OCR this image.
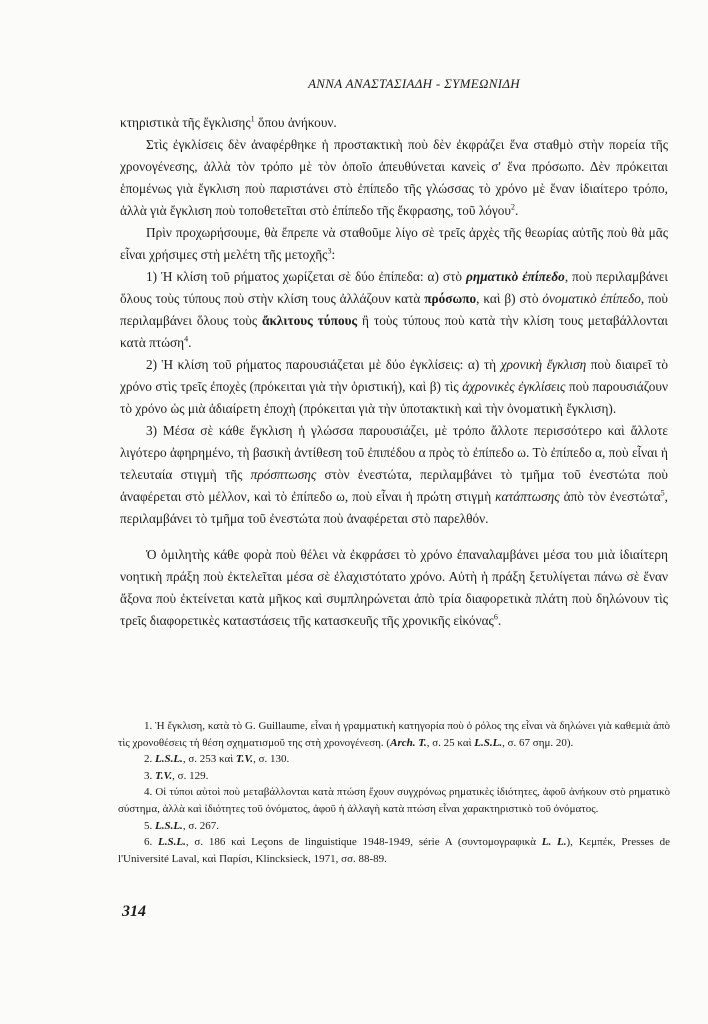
ΑΝΝΑ ΑΝΑΣΤΑΣΙΑΔΗ - ΣΥΜΕΩΝΙΔΗ

κτηριστικὰ τῆς ἔγκλισης$^1$ ὅπου ἀνήκουν.

Στὶς ἐγκλίσεις δὲν ἀναφέρθηκε ἡ προστακτικὴ ποὺ δὲν ἐκφράζει ἕνα σταθμὸ στὴν πορεία τῆς χρονογένεσης, ἀλλὰ τὸν τρόπο μὲ τὸν ὁποῖο ἀπευθύνεται κανεὶς σ' ἕνα πρόσωπο. Δὲν πρόκειται ἑπομένως γιὰ ἔγκλιση ποὺ παριστάνει στὸ ἐπίπεδο τῆς γλώσσας τὸ χρόνο μὲ ἕναν ἰδιαίτερο τρόπο, ἀλλὰ γιὰ ἔγκλιση ποὺ τοποθετεῖται στὸ ἐπίπεδο τῆς ἔκφρασης, τοῦ λόγου$^2$.

Πρὶν προχωρήσουμε, θὰ ἔπρεπε νὰ σταθοῦμε λίγο σὲ τρεῖς ἀρχὲς τῆς θεωρίας αὐτῆς ποὺ θὰ μᾶς εἶναι χρήσιμες στὴ μελέτη τῆς μετοχῆς$^3$:

1) Ἡ κλίση τοῦ ρήματος χωρίζεται σὲ δύο ἐπίπεδα: α) στὸ ρηματικὸ ἐπίπεδο, ποὺ περιλαμβάνει ὅλους τοὺς τύπους ποὺ στὴν κλίση τους ἀλλάζουν κατὰ πρόσωπο, καὶ β) στὸ ὀνοματικὸ ἐπίπεδο, ποὺ περιλαμβάνει ὅλους τοὺς ἄκλιτους τύπους ἢ τοὺς τύπους ποὺ κατὰ τὴν κλίση τους μεταβάλλονται κατὰ πτώση$^4$.

2) Ἡ κλίση τοῦ ρήματος παρουσιάζεται μὲ δύο ἐγκλίσεις: α) τὴ χρονικὴ ἔγκλιση ποὺ διαιρεῖ τὸ χρόνο στὶς τρεῖς ἐποχὲς (πρόκειται γιὰ τὴν ὁριστική), καὶ β) τὶς ἀχρονικὲς ἐγκλίσεις ποὺ παρουσιάζουν τὸ χρόνο ὡς μιὰ ἀδιαίρετη ἐποχὴ (πρόκειται γιὰ τὴν ὑποτακτικὴ καὶ τὴν ὀνοματικὴ ἔγκλιση).

3) Μέσα σὲ κάθε ἔγκλιση ἡ γλώσσα παρουσιάζει, μὲ τρόπο ἄλλοτε περισσότερο καὶ ἄλλοτε λιγότερο ἀφηρημένο, τὴ βασικὴ ἀντίθεση τοῦ ἐπιπέδου α πρὸς τὸ ἐπίπεδο ω. Τὸ ἐπίπεδο α, ποὺ εἶναι ἡ τελευταία στιγμὴ τῆς πρόσπτωσης στὸν ἐνεστώτα, περιλαμβάνει τὸ τμῆμα τοῦ ἐνεστώτα ποὺ ἀναφέρεται στὸ μέλλον, καὶ τὸ ἐπίπεδο ω, ποὺ εἶναι ἡ πρώτη στιγμὴ κατάπτωσης ἀπὸ τὸν ἐνεστώτα$^5$, περιλαμβάνει τὸ τμῆμα τοῦ ἐνεστώτα ποὺ ἀναφέρεται στὸ παρελθόν.

Ὁ ὁμιλητὴς κάθε φορὰ ποὺ θέλει νὰ ἐκφράσει τὸ χρόνο ἐπαναλαμβάνει μέσα του μιὰ ἰδιαίτερη νοητικὴ πράξη ποὺ ἐκτελεῖται μέσα σὲ ἐλαχιστότατο χρόνο. Αὐτὴ ἡ πράξη ξετυλίγεται πάνω σὲ ἕναν ἄξονα ποὺ ἐκτείνεται κατὰ μῆκος καὶ συμπληρώνεται ἀπὸ τρία διαφορετικὰ πλάτη ποὺ δηλώνουν τὶς τρεῖς διαφορετικὲς καταστάσεις τῆς κατασκευῆς τῆς χρονικῆς εἰκόνας$^6$.

1. Ἡ ἔγκλιση, κατὰ τὸ G. Guillaume, εἶναι ἡ γραμματικὴ κατηγορία ποὺ ὁ ρόλος της εἶναι νὰ δηλώνει γιὰ καθεμιὰ ἀπὸ τὶς χρονοθέσεις τὴ θέση σχηματισμοῦ της στὴ χρονογένεση. (Arch. T., σ. 25 καὶ L.S.L., σ. 67 σημ. 20).

2. L.S.L., σ. 253 καὶ T.V., σ. 130.

3. T.V., σ. 129.

4. Οἱ τύποι αὐτοὶ ποὺ μεταβάλλονται κατὰ πτώση ἔχουν συγχρόνως ρηματικὲς ἰδιότητες, ἀφοῦ ἀνήκουν στὸ ρηματικὸ σύστημα, ἀλλὰ καὶ ἰδιότητες τοῦ ὀνόματος, ἀφοῦ ἡ ἀλλαγὴ κατὰ πτώση εἶναι χαρακτηριστικὸ τοῦ ὀνόματος.

5. L.S.L., σ. 267.

6. L.S.L., σ. 186 καὶ Leçons de linguistique 1948-1949, série A (συντομογραφικὰ L. L.), Κεμπέκ, Presses de l'Université Laval, καὶ Παρίσι, Klincksieck, 1971, σσ. 88-89.

314
